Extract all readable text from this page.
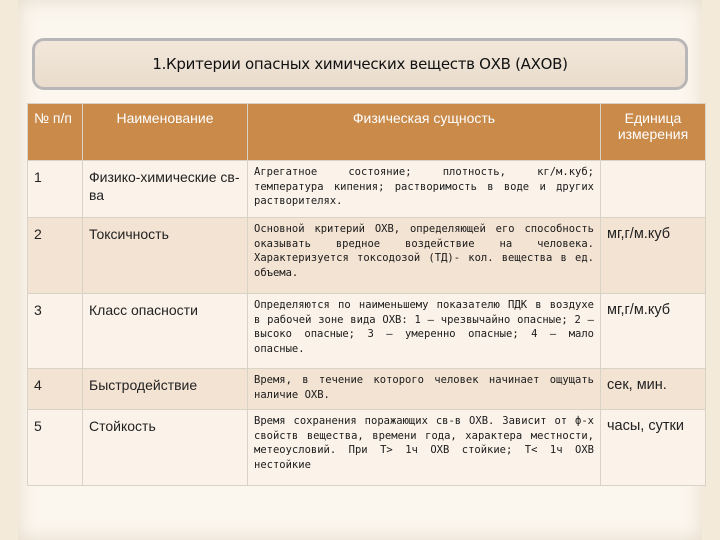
1.Критерии опасных химических веществ ОХВ (АХОВ)
№ п/п	Наименование	Физическая сущность	Единица измерения
1	Физико-химические св-ва	Агрегатное состояние; плотность, кг/м.куб; температура кипения; растворимость в воде и других растворителях.	
2	Токсичность	Основной критерий ОХВ, определяющей его способность оказывать вредное воздействие на человека. Характеризуется токсодозой (ТД)- кол. вещества в ед. объема.	мг,г/м.куб
3	Класс опасности	Определяются по наименьшему показателю ПДК в воздухе в рабочей зоне вида ОХВ: 1 – чрезвычайно опасные; 2 –высоко опасные; 3 – умеренно опасные; 4 – мало опасные.	мг,г/м.куб
4	Быстродействие	Время, в течение которого человек начинает ощущать наличие ОХВ.	сек, мин.
5	Стойкость	Время сохранения поражающих св-в ОХВ. Зависит от ф-х свойств вещества, времени года, характера местности, метеоусловий. При Т> 1ч ОХВ стойкие; Т< 1ч ОХВ нестойкие	часы, сутки
